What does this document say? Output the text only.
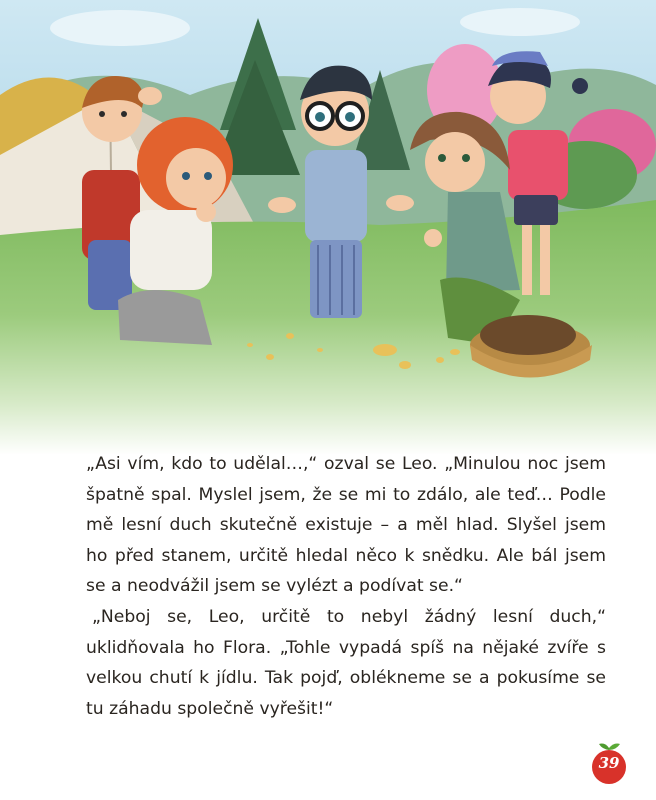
„Asi vím, kdo to udělal…,“ ozval se Leo. „Minulou noc jsem špatně spal. Myslel jsem, že se mi to zdálo, ale teď… Podle mě lesní duch skutečně existuje – a měl hlad. Slyšel jsem ho před stanem, určitě hledal něco k snědku. Ale bál jsem se a neodvážil jsem se vylézt a podívat se.“

„Neboj se, Leo, určitě to nebyl žádný lesní duch,“ uklidňovala ho Flora. „Tohle vypadá spíš na nějaké zvíře s velkou chutí k jídlu. Tak pojď, oblékneme se a pokusíme se tu záhadu společně vyřešit!“

39
